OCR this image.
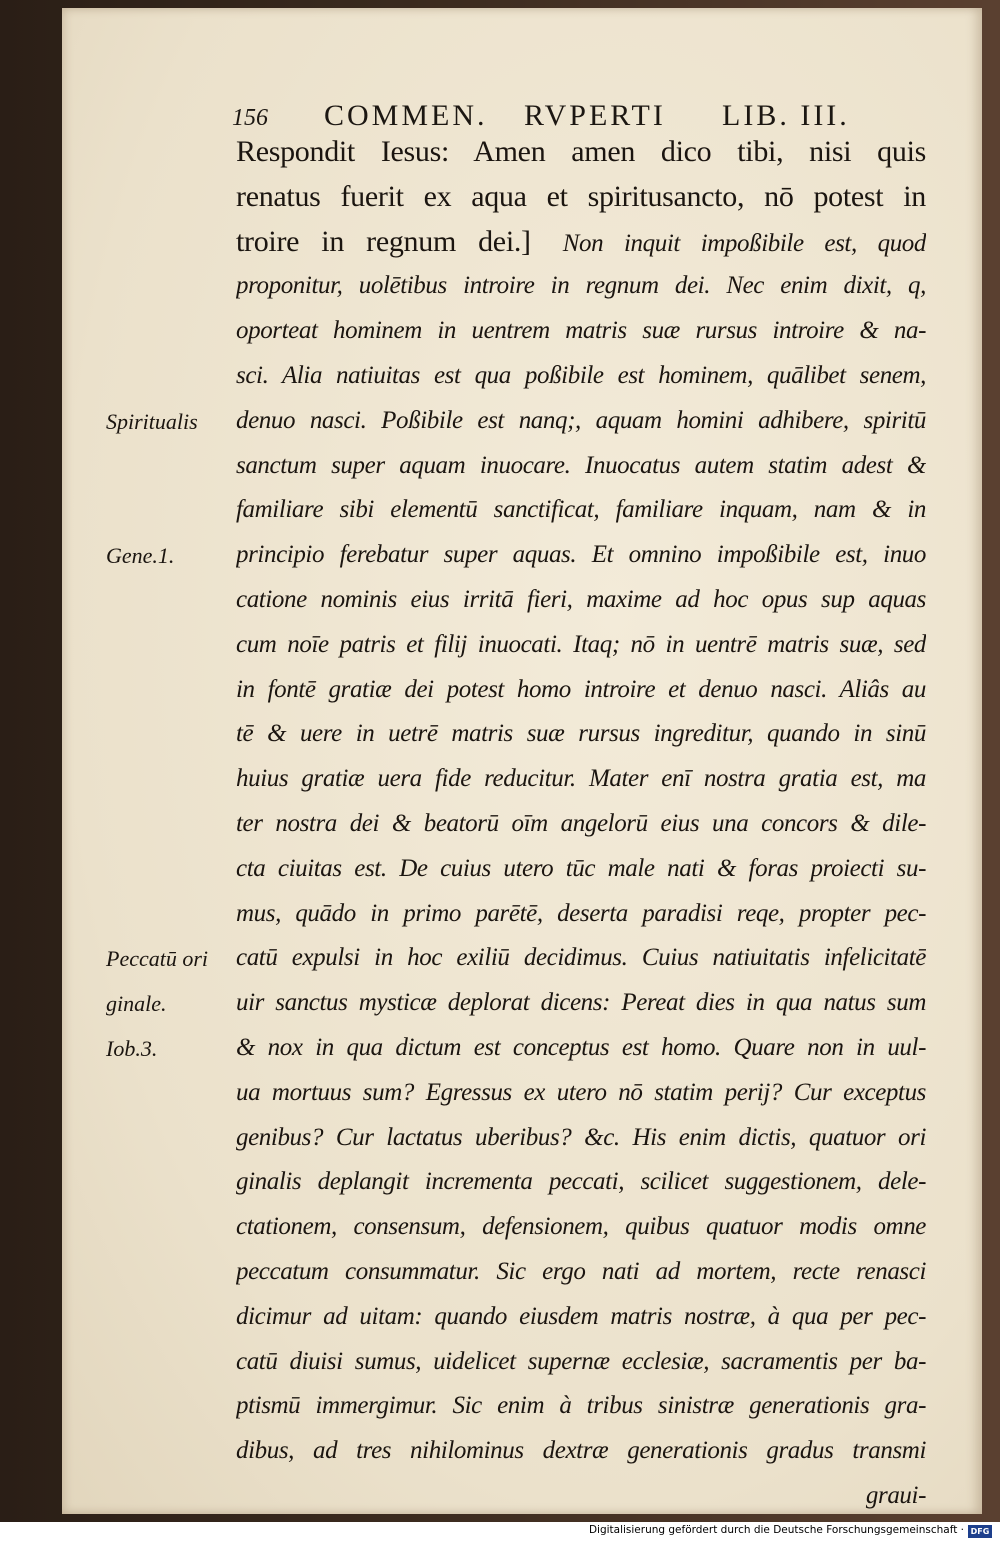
156 COMMEN. RVPERTI LIB. III.
Respondit Iesus: Amen amen dico tibi, nisi quis
renatus fuerit ex aqua et spiritusancto, nō potest in
troire in regnum dei.]   Non inquit impoßibile est, quod
proponitur, uolētibus introire in regnum dei. Nec enim dixit, q,
oporteat hominem in uentrem matris suæ rursus introire & na-
sci. Alia natiuitas est qua poßibile est hominem, quālibet senem,
denuo nasci. Poßibile est nanq;, aquam homini adhibere, spiritū
sanctum super aquam inuocare. Inuocatus autem statim adest &
familiare sibi elementū sanctificat, familiare inquam, nam & in
principio ferebatur super aquas. Et omnino impoßibile est, inuo
catione nominis eius irritā fieri, maxime ad hoc opus sup aquas
cum noīe patris et filij inuocati. Itaq; nō in uentrē matris suæ, sed
in fontē gratiæ dei potest homo introire et denuo nasci. Aliâs au
tē & uere in uetrē matris suæ rursus ingreditur, quando in sinū
huius gratiæ uera fide reducitur. Mater enī nostra gratia est, ma
ter nostra dei & beatorū oīm angelorū eius una concors & dile-
cta ciuitas est. De cuius utero tūc male nati & foras proiecti su-
mus, quādo in primo parētē, deserta paradisi reqe, propter pec-
catū expulsi in hoc exiliū decidimus. Cuius natiuitatis infelicitatē
uir sanctus mysticæ deplorat dicens: Pereat dies in qua natus sum
& nox in qua dictum est conceptus est homo. Quare non in uul-
ua mortuus sum? Egressus ex utero nō statim perij? Cur exceptus
genibus? Cur lactatus uberibus? &c. His enim dictis, quatuor ori
ginalis deplangit incrementa peccati, scilicet suggestionem, dele-
ctationem, consensum, defensionem, quibus quatuor modis omne
peccatum consummatur. Sic ergo nati ad mortem, recte renasci
dicimur ad uitam: quando eiusdem matris nostræ, à qua per pec-
catū diuisi sumus, uidelicet supernæ ecclesiæ, sacramentis per ba-
ptismū immergimur. Sic enim à tribus sinistræ generationis gra-
dibus, ad tres nihilominus dextræ generationis gradus transmi
graui-
Spiritualis
Gene.1.
Peccatū ori
ginale.
Iob.3.
Digitalisierung gefördert durch die Deutsche Forschungsgemeinschaft · DFG
